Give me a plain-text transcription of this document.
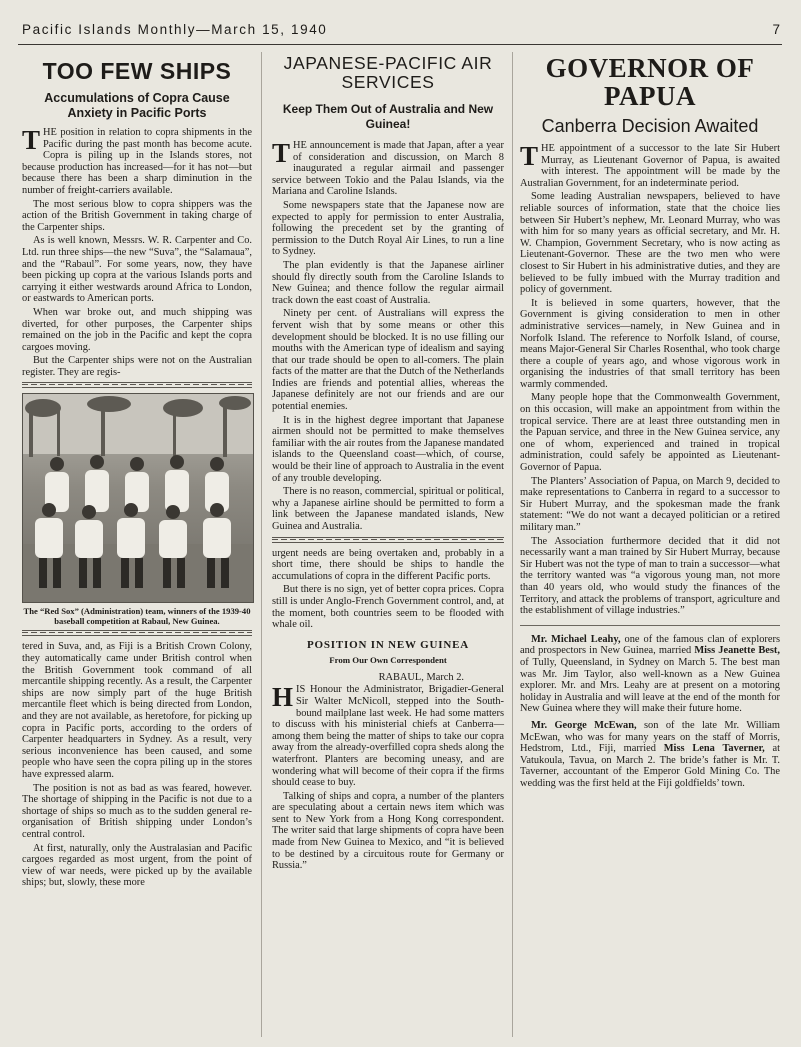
Pacific Islands Monthly—March 15, 1940	7
TOO FEW SHIPS
Accumulations of Copra Cause Anxiety in Pacific Ports

THE position in relation to copra shipments in the Pacific during the past month has become acute. Copra is piling up in the Islands stores, not because production has increased—for it has not—but because there has been a sharp diminution in the number of freight-carriers available.

The most serious blow to copra shippers was the action of the British Government in taking charge of the Carpenter ships.

As is well known, Messrs. W. R. Carpenter and Co. Ltd. run three ships—the new “Suva”, the “Salamaua”, and the “Rabaul”. For some years, now, they have been picking up copra at the various Islands ports and carrying it either westwards around Africa to London, or eastwards to American ports.

When war broke out, and much shipping was diverted, for other purposes, the Carpenter ships remained on the job in the Pacific and kept the copra cargoes moving.

But the Carpenter ships were not on the Australian register. They are regis-

The “Red Sox” (Administration) team, winners of the 1939-40 baseball competition at Rabaul, New Guinea.

tered in Suva, and, as Fiji is a British Crown Colony, they automatically came under British control when the British Government took command of all mercantile shipping recently. As a result, the Carpenter ships are now simply part of the huge British mercantile fleet which is being directed from London, and they are not available, as heretofore, for picking up copra in Pacific ports, according to the orders of Carpenter headquarters in Sydney. As a result, very serious inconvenience has been caused, and some people who have seen the copra piling up in the stores have expressed alarm.

The position is not as bad as was feared, however. The shortage of shipping in the Pacific is not due to a shortage of ships so much as to the sudden general re-organisation of British shipping under London’s central control.

At first, naturally, only the Australasian and Pacific cargoes regarded as most urgent, from the point of view of war needs, were picked up by the available ships; but, slowly, these more

JAPANESE-PACIFIC AIR SERVICES
Keep Them Out of Australia and New Guinea!

THE announcement is made that Japan, after a year of consideration and discussion, on March 8 inaugurated a regular airmail and passenger service between Tokio and the Palau Islands, via the Mariana and Caroline Islands.

Some newspapers state that the Japanese now are expected to apply for permission to enter Australia, following the precedent set by the granting of permission to the Dutch Royal Air Lines, to run a line to Sydney.

The plan evidently is that the Japanese airliner should fly directly south from the Caroline Islands to New Guinea; and thence follow the regular airmail track down the east coast of Australia.

Ninety per cent. of Australians will express the fervent wish that by some means or other this development should be blocked. It is no use filling our mouths with the American type of idealism and saying that our trade should be open to all-comers. The plain facts of the matter are that the Dutch of the Netherlands Indies are friends and potential allies, whereas the Japanese definitely are not our friends and are our potential enemies.

It is in the highest degree important that Japanese airmen should not be permitted to make themselves familiar with the air routes from the Japanese mandated islands to the Queensland coast—which, of course, would be their line of approach to Australia in the event of any trouble developing.

There is no reason, commercial, spiritual or political, why a Japanese airline should be permitted to form a link between the Japanese mandated islands, New Guinea and Australia.

urgent needs are being overtaken and, probably in a short time, there should be ships to handle the accumulations of copra in the different Pacific ports.

But there is no sign, yet of better copra prices. Copra still is under Anglo-French Government control, and, at the moment, both countries seem to be flooded with whale oil.

POSITION IN NEW GUINEA
From Our Own Correspondent
RABAUL, March 2.

HIS Honour the Administrator, Brigadier-General Sir Walter McNicoll, stepped into the South-bound mailplane last week. He had some matters to discuss with his ministerial chiefs at Canberra—among them being the matter of ships to take our copra away from the already-overfilled copra sheds along the waterfront. Planters are becoming uneasy, and are wondering what will become of their copra if the firms should cease to buy.

Talking of ships and copra, a number of the planters are speculating about a certain news item which was sent to New York from a Hong Kong correspondent. The writer said that large shipments of copra have been made from New Guinea to Mexico, and “it is believed to be destined by a circuitous route for Germany or Russia.”

GOVERNOR OF PAPUA
Canberra Decision Awaited

THE appointment of a successor to the late Sir Hubert Murray, as Lieutenant Governor of Papua, is awaited with interest. The appointment will be made by the Australian Government, for an indeterminate period.

Some leading Australian newspapers, believed to have reliable sources of information, state that the choice lies between Sir Hubert’s nephew, Mr. Leonard Murray, who was with him for so many years as official secretary, and Mr. H. W. Champion, Government Secretary, who is now acting as Lieutenant-Governor. These are the two men who were closest to Sir Hubert in his administrative duties, and they are believed to be fully imbued with the Murray tradition and policy of government.

It is believed in some quarters, however, that the Government is giving consideration to men in other administrative services—namely, in New Guinea and in Norfolk Island. The reference to Norfolk Island, of course, means Major-General Sir Charles Rosenthal, who took charge there a couple of years ago, and whose vigorous work in organising the industries of that small territory has been warmly commended.

Many people hope that the Commonwealth Government, on this occasion, will make an appointment from within the tropical service. There are at least three outstanding men in the Papuan service, and three in the New Guinea service, any one of whom, experienced and trained in tropical administration, could safely be appointed as Lieutenant-Governor of Papua.

The Planters’ Association of Papua, on March 9, decided to make representations to Canberra in regard to a successor to Sir Hubert Murray, and the spokesman made the frank statement: “We do not want a decayed politician or a retired military man.”

The Association furthermore decided that it did not necessarily want a man trained by Sir Hubert Murray, because Sir Hubert was not the type of man to train a successor—what the territory wanted was “a vigorous young man, not more than 40 years old, who would study the finances of the Territory, and attack the problems of transport, agriculture and the establishment of village industries.”

Mr. Michael Leahy, one of the famous clan of explorers and prospectors in New Guinea, married Miss Jeanette Best, of Tully, Queensland, in Sydney on March 5. The best man was Mr. Jim Taylor, also well-known as a New Guinea explorer. Mr. and Mrs. Leahy are at present on a motoring holiday in Australia and will leave at the end of the month for New Guinea where they will make their future home.

Mr. George McEwan, son of the late Mr. William McEwan, who was for many years on the staff of Morris, Hedstrom, Ltd., Fiji, married Miss Lena Taverner, at Vatukoula, Tavua, on March 2. The bride’s father is Mr. T. Taverner, accountant of the Emperor Gold Mining Co. The wedding was the first held at the Fiji goldfields’ town.
